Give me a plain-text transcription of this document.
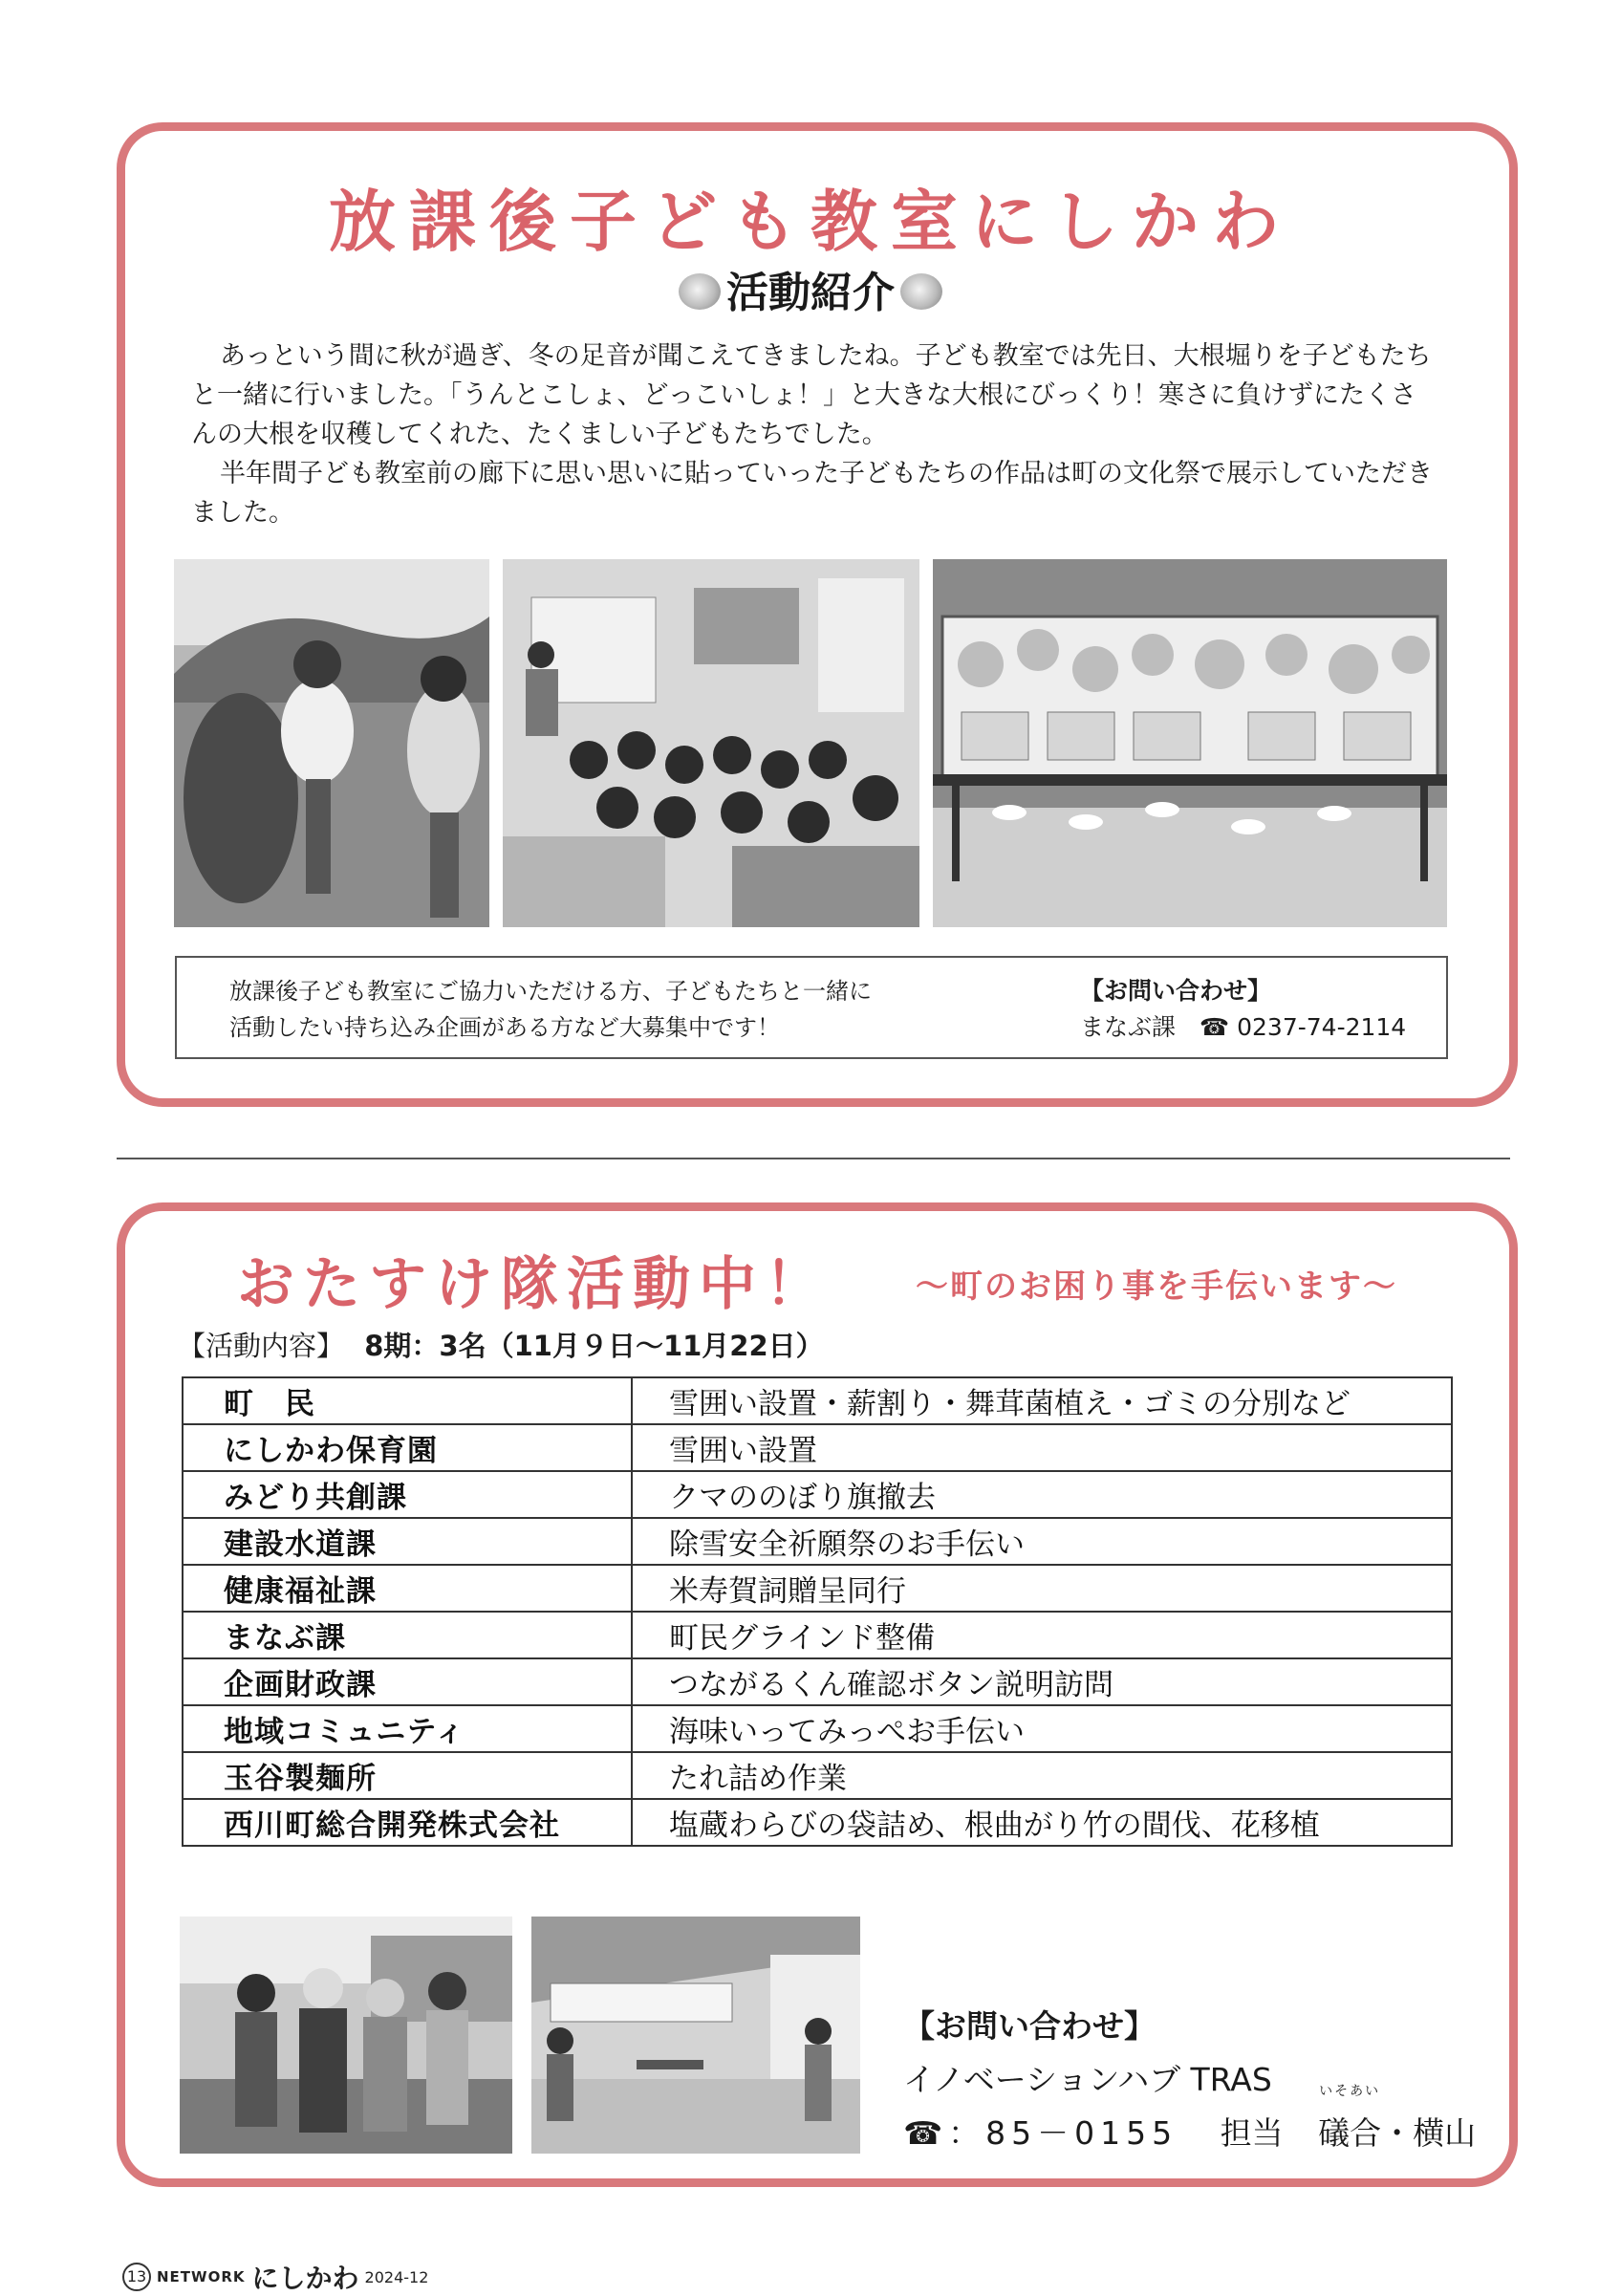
放課後子ども教室にしかわ
活動紹介

あっという間に秋が過ぎ、冬の足音が聞こえてきましたね。子ども教室では先日、大根堀りを子どもたちと一緒に行いました。「うんとこしょ、どっこいしょ！」と大きな大根にびっくり！寒さに負けずにたくさんの大根を収穫してくれた、たくましい子どもたちでした。

半年間子ども教室前の廊下に思い思いに貼っていった子どもたちの作品は町の文化祭で展示していただきました。

放課後子ども教室にご協力いただける方、子どもたちと一緒に
活動したい持ち込み企画がある方など大募集中です！
【お問い合わせ】
まなぶ課　 ☎ 0237-74-2114
おたすけ隊活動中！	～町のお困り事を手伝います～
【活動内容】 8期：3名（11月９日～11月22日）
町　民	雪囲い設置・薪割り・舞茸菌植え・ゴミの分別など
にしかわ保育園	雪囲い設置
みどり共創課	クマののぼり旗撤去
建設水道課	除雪安全祈願祭のお手伝い
健康福祉課	米寿賀詞贈呈同行
まなぶ課	町民グラインド整備
企画財政課	つながるくん確認ボタン説明訪問
地域コミュニティ	海味いってみっぺお手伝い
玉谷製麺所	たれ詰め作業
西川町総合開発株式会社	塩蔵わらびの袋詰め、根曲がり竹の間伐、花移植
【お問い合わせ】
イノベーションハブ TRAS
☎：85－0155 担当
いそあい
礒合・横山
13 NETWORK にしかわ 2024-12
